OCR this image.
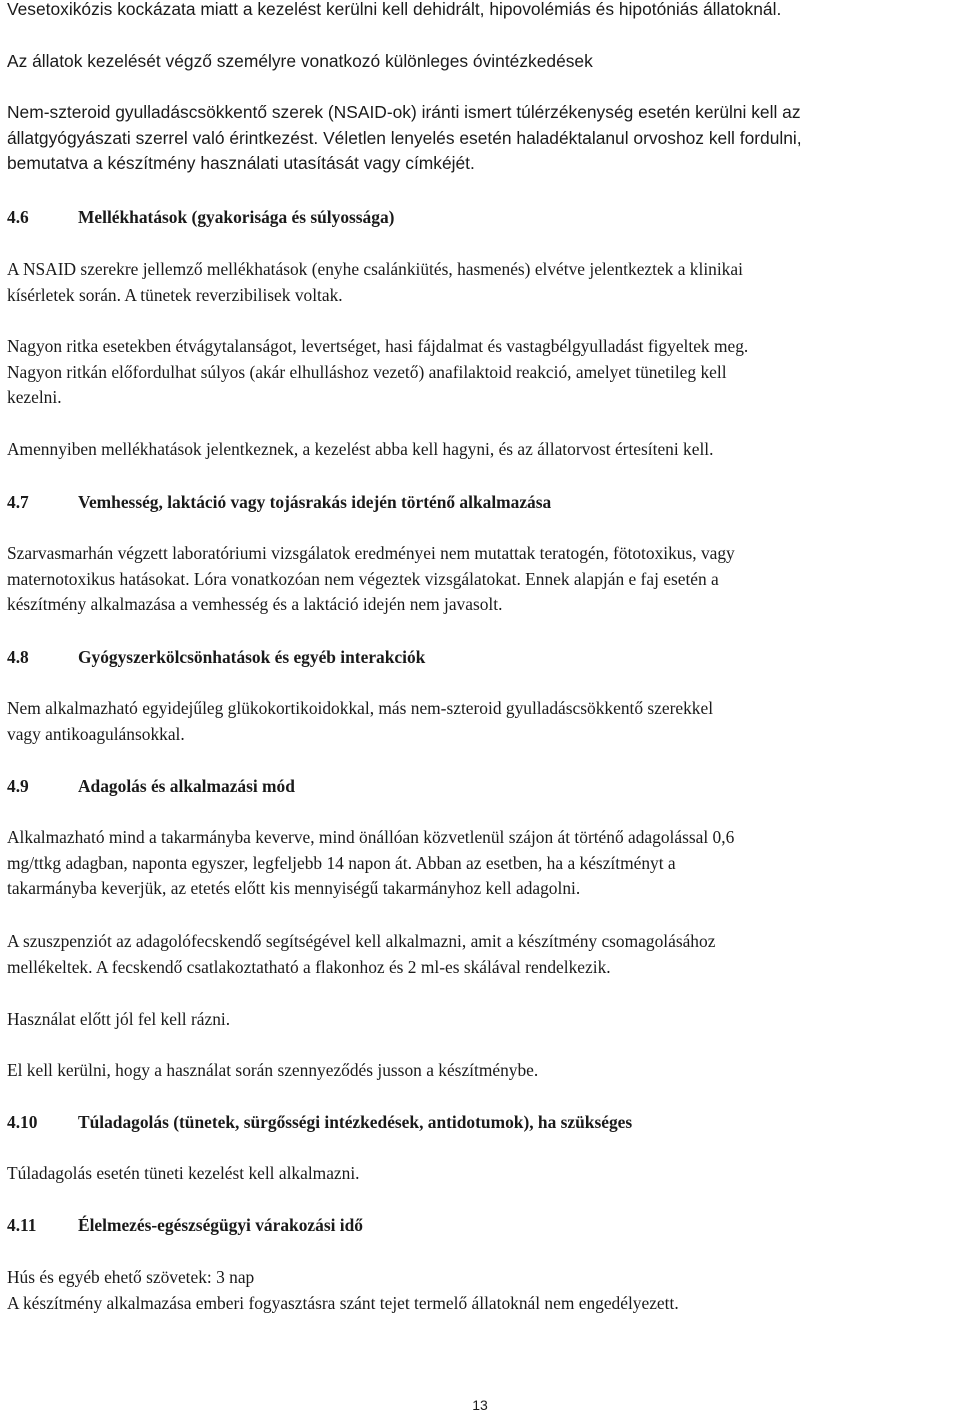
Vesetoxikózis kockázata miatt a kezelést kerülni kell dehidrált, hipovolémiás és hipotóniás állatoknál.

Az állatok kezelését végző személyre vonatkozó különleges óvintézkedések

Nem-szteroid gyulladáscsökkentő szerek (NSAID-ok) iránti ismert túlérzékenység esetén kerülni kell az
állatgyógyászati szerrel való érintkezést. Véletlen lenyelés esetén haladéktalanul orvoshoz kell fordulni,
bemutatva a készítmény használati utasítását vagy címkéjét.

4.6	Mellékhatások (gyakorisága és súlyossága)

A NSAID szerekre jellemző mellékhatások (enyhe csalánkiütés, hasmenés) elvétve jelentkeztek a klinikai
kísérletek során. A tünetek reverzibilisek voltak.

Nagyon ritka esetekben étvágytalanságot, levertséget, hasi fájdalmat és vastagbélgyulladást figyeltek meg.
Nagyon ritkán előfordulhat súlyos (akár elhulláshoz vezető) anafilaktoid reakció, amelyet tünetileg kell
kezelni.

Amennyiben mellékhatások jelentkeznek, a kezelést abba kell hagyni, és az állatorvost értesíteni kell.

4.7	Vemhesség, laktáció vagy tojásrakás idején történő alkalmazása

Szarvasmarhán végzett laboratóriumi vizsgálatok eredményei nem mutattak teratogén, fötotoxikus, vagy
maternotoxikus hatásokat. Lóra vonatkozóan nem végeztek vizsgálatokat. Ennek alapján e faj esetén a
készítmény alkalmazása a vemhesség és a laktáció idején nem javasolt.

4.8	Gyógyszerkölcsönhatások és egyéb interakciók

Nem alkalmazható egyidejűleg glükokortikoidokkal, más nem-szteroid gyulladáscsökkentő szerekkel
vagy antikoagulánsokkal.

4.9	Adagolás és alkalmazási mód

Alkalmazható mind a takarmányba keverve, mind önállóan közvetlenül szájon át történő adagolással 0,6
mg/ttkg adagban, naponta egyszer, legfeljebb 14 napon át. Abban az esetben, ha a készítményt a
takarmányba keverjük, az etetés előtt kis mennyiségű takarmányhoz kell adagolni.

A szuszpenziót az adagolófecskendő segítségével kell alkalmazni, amit a készítmény csomagolásához
mellékeltek. A fecskendő csatlakoztatható a flakonhoz és 2 ml-es skálával rendelkezik.

Használat előtt jól fel kell rázni.

El kell kerülni, hogy a használat során szennyeződés jusson a készítménybe.

4.10 Túladagolás (tünetek, sürgősségi intézkedések, antidotumok), ha szükséges

Túladagolás esetén tüneti kezelést kell alkalmazni.

4.11 Élelmezés-egészségügyi várakozási idő

Hús és egyéb ehető szövetek: 3 nap
A készítmény alkalmazása emberi fogyasztásra szánt tejet termelő állatoknál nem engedélyezett.

13
